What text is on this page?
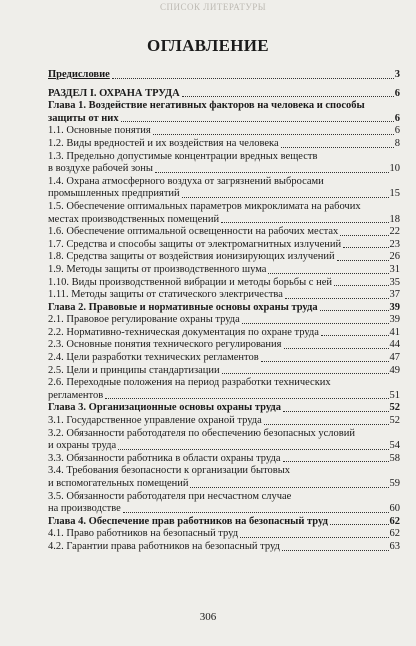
СПИСОК ЛИТЕРАТУРЫ
ОГЛАВЛЕНИЕ
Предисловие	3
РАЗДЕЛ I. ОХРАНА ТРУДА	6
Глава 1. Воздействие негативных факторов на человека и способы
защиты от них	6
1.1. Основные понятия	6
1.2. Виды вредностей и их воздействия на человека	8
1.3. Предельно допустимые концентрации вредных веществ
в воздухе рабочей зоны	10
1.4. Охрана атмосферного воздуха от загрязнений выбросами
промышленных предприятий	15
1.5. Обеспечение оптимальных параметров микроклимата на рабочих
местах производственных помещений	18
1.6. Обеспечение оптимальной освещенности на рабочих местах	22
1.7. Средства и способы защиты от электромагнитных излучений	23
1.8. Средства защиты от воздействия ионизирующих излучений	26
1.9. Методы защиты от производственного шума	31
1.10. Виды производственной вибрации и методы борьбы с ней	35
1.11. Методы защиты от статического электричества	37
Глава 2. Правовые и нормативные основы охраны труда	39
2.1. Правовое регулирование охраны труда	39
2.2. Нормативно-техническая документация по охране труда	41
2.3. Основные понятия технического регулирования	44
2.4. Цели разработки технических регламентов	47
2.5. Цели и принципы стандартизации	49
2.6. Переходные положения на период разработки технических
регламентов	51
Глава 3. Организационные основы охраны труда	52
3.1. Государственное управление охраной труда	52
3.2. Обязанности работодателя по обеспечению безопасных условий
и охраны труда	54
3.3. Обязанности работника в области охраны труда	58
3.4. Требования безопасности к организации бытовых
и вспомогательных помещений	59
3.5. Обязанности работодателя при несчастном случае
на производстве	60
Глава 4. Обеспечение прав работников на безопасный труд	62
4.1. Право работников на безопасный труд	62
4.2. Гарантии права работников на безопасный труд	63
306
